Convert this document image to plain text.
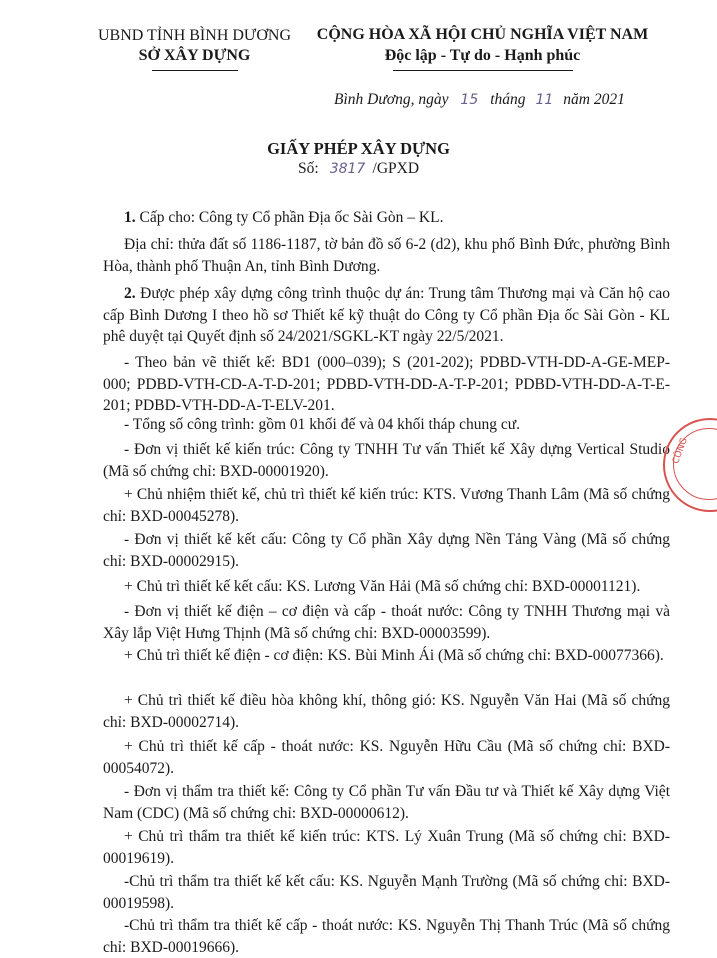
UBND TỈNH BÌNH DƯƠNG
SỞ XÂY DỰNG
CỘNG HÒA XÃ HỘI CHỦ NGHĨA VIỆT NAM
Độc lập - Tự do - Hạnh phúc
Bình Dương, ngày 15 tháng 11 năm 2021
GIẤY PHÉP XÂY DỰNG
Số: 3817 /GPXD
1. Cấp cho: Công ty Cổ phần Địa ốc Sài Gòn – KL.
Địa chỉ: thửa đất số 1186-1187, tờ bản đồ số 6-2 (d2), khu phố Bình Đức, phường Bình Hòa, thành phố Thuận An, tỉnh Bình Dương.
2. Được phép xây dựng công trình thuộc dự án: Trung tâm Thương mại và Căn hộ cao cấp Bình Dương I theo hồ sơ Thiết kế kỹ thuật do Công ty Cổ phần Địa ốc Sài Gòn - KL phê duyệt tại Quyết định số 24/2021/SGKL-KT ngày 22/5/2021.
- Theo bản vẽ thiết kế: BD1 (000–039); S (201-202); PDBD-VTH-DD-A-GE-MEP-000; PDBD-VTH-CD-A-T-D-201; PDBD-VTH-DD-A-T-P-201; PDBD-VTH-DD-A-T-E-201; PDBD-VTH-DD-A-T-ELV-201.
- Tổng số công trình: gồm 01 khối đế và 04 khối tháp chung cư.
- Đơn vị thiết kế kiến trúc: Công ty TNHH Tư vấn Thiết kế Xây dựng Vertical Studio (Mã số chứng chỉ: BXD-00001920).
+ Chủ nhiệm thiết kế, chủ trì thiết kế kiến trúc: KTS. Vương Thanh Lâm (Mã số chứng chỉ: BXD-00045278).
- Đơn vị thiết kế kết cấu: Công ty Cổ phần Xây dựng Nền Tảng Vàng (Mã số chứng chỉ: BXD-00002915).
+ Chủ trì thiết kế kết cấu: KS. Lương Văn Hải (Mã số chứng chỉ: BXD-00001121).
- Đơn vị thiết kế điện – cơ điện và cấp - thoát nước: Công ty TNHH Thương mại và Xây lắp Việt Hưng Thịnh (Mã số chứng chỉ: BXD-00003599).
+ Chủ trì thiết kế điện - cơ điện: KS. Bùi Minh Ái (Mã số chứng chỉ: BXD-00077366).
+ Chủ trì thiết kế điều hòa không khí, thông gió: KS. Nguyễn Văn Hai (Mã số chứng chỉ: BXD-00002714).
+ Chủ trì thiết kế cấp - thoát nước: KS. Nguyễn Hữu Cầu (Mã số chứng chỉ: BXD-00054072).
- Đơn vị thẩm tra thiết kế: Công ty Cổ phần Tư vấn Đầu tư và Thiết kế Xây dựng Việt Nam (CDC) (Mã số chứng chỉ: BXD-00000612).
+ Chủ trì thẩm tra thiết kế kiến trúc: KTS. Lý Xuân Trung (Mã số chứng chỉ: BXD-00019619).
-Chủ trì thẩm tra thiết kế kết cấu: KS. Nguyễn Mạnh Trường (Mã số chứng chỉ: BXD-00019598).
-Chủ trì thẩm tra thiết kế cấp - thoát nước: KS. Nguyễn Thị Thanh Trúc (Mã số chứng chỉ: BXD-00019666).
CÔNG
